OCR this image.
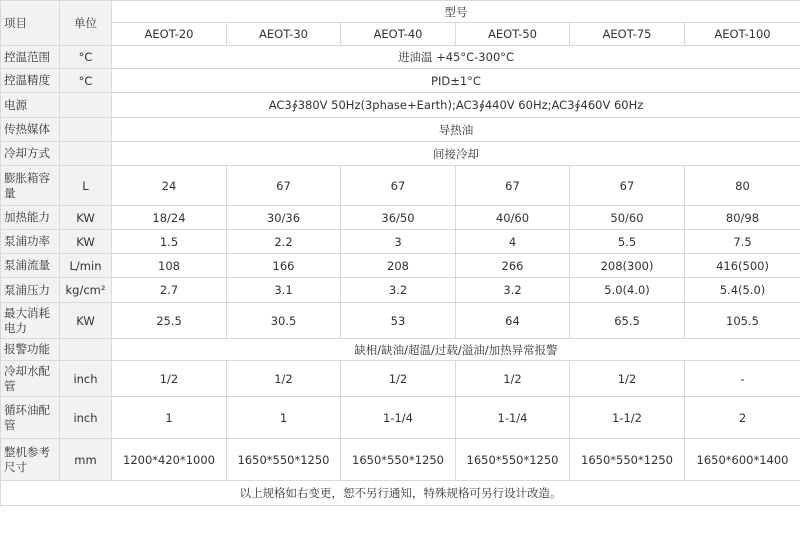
项目	单位	型号					
		AEOT-20	AEOT-30	AEOT-40	AEOT-50	AEOT-75	AEOT-100
控温范围	°C	进油温 +45°C-300°C					
控温精度	°C	PID±1°C					
电源		AC3∮380V 50Hz(3phase+Earth);AC3∮440V 60Hz;AC3∮460V 60Hz					
传热媒体		导热油					
冷却方式		间接冷却					
膨胀箱容量	L	24	67	67	67	67	80
加热能力	KW	18/24	30/36	36/50	40/60	50/60	80/98
泵浦功率	KW	1.5	2.2	3	4	5.5	7.5
泵浦流量	L/min	108	166	208	266	208(300)	416(500)
泵浦压力	kg/cm²	2.7	3.1	3.2	3.2	5.0(4.0)	5.4(5.0)
最大消耗电力	KW	25.5	30.5	53	64	65.5	105.5
报警功能		缺相/缺油/超温/过载/溢油/加热异常报警					
冷却水配管	inch	1/2	1/2	1/2	1/2	1/2	-
循环油配管	inch	1	1	1-1/4	1-1/4	1-1/2	2
整机参考尺寸	mm	1200*420*1000	1650*550*1250	1650*550*1250	1650*550*1250	1650*550*1250	1650*600*1400
以上规格如右变更，恕不另行通知，特殊规格可另行设计改造。							
